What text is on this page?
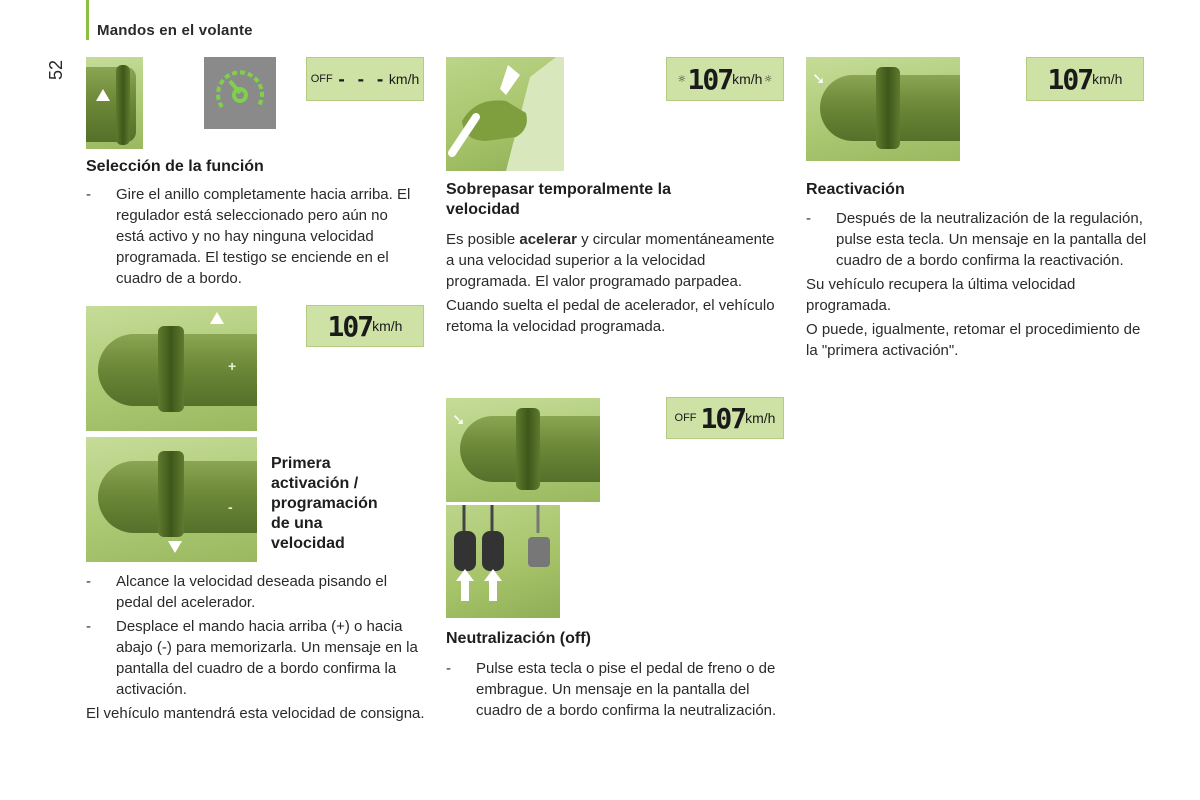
Mandos en el volante
52	OFF - - - km/h
Selección de la función
- Gire el anillo completamente hacia arriba. El regulador está seleccionado pero aún no está activo y no hay ninguna velocidad programada. El testigo se enciende en el cuadro de a bordo.
+
107 km/h
-
Primera
activación /
programación
de una
velocidad
- Alcance la velocidad deseada pisando el pedal del acelerador.
- Desplace el mando hacia arriba (+) o hacia abajo (-) para memorizarla. Un mensaje en la pantalla del cuadro de a bordo confirma la activación.
El vehículo mantendrá esta velocidad de consigna.
☼ 107 km/h ☼
Sobrepasar temporalmente la velocidad
Es posible acelerar y circular momentáneamente a una velocidad superior a la velocidad programada. El valor programado parpadea.
Cuando suelta el pedal de acelerador, el vehículo retoma la velocidad programada.
➘	OFF 107 km/h
Neutralización (off)
- Pulse esta tecla o pise el pedal de freno o de embrague. Un mensaje en la pantalla del cuadro de a bordo confirma la neutralización.
➘	107 km/h
Reactivación
- Después de la neutralización de la regulación, pulse esta tecla. Un mensaje en la pantalla del cuadro de a bordo confirma la reactivación.
Su vehículo recupera la última velocidad programada.
O puede, igualmente, retomar el procedimiento de la "primera activación".
